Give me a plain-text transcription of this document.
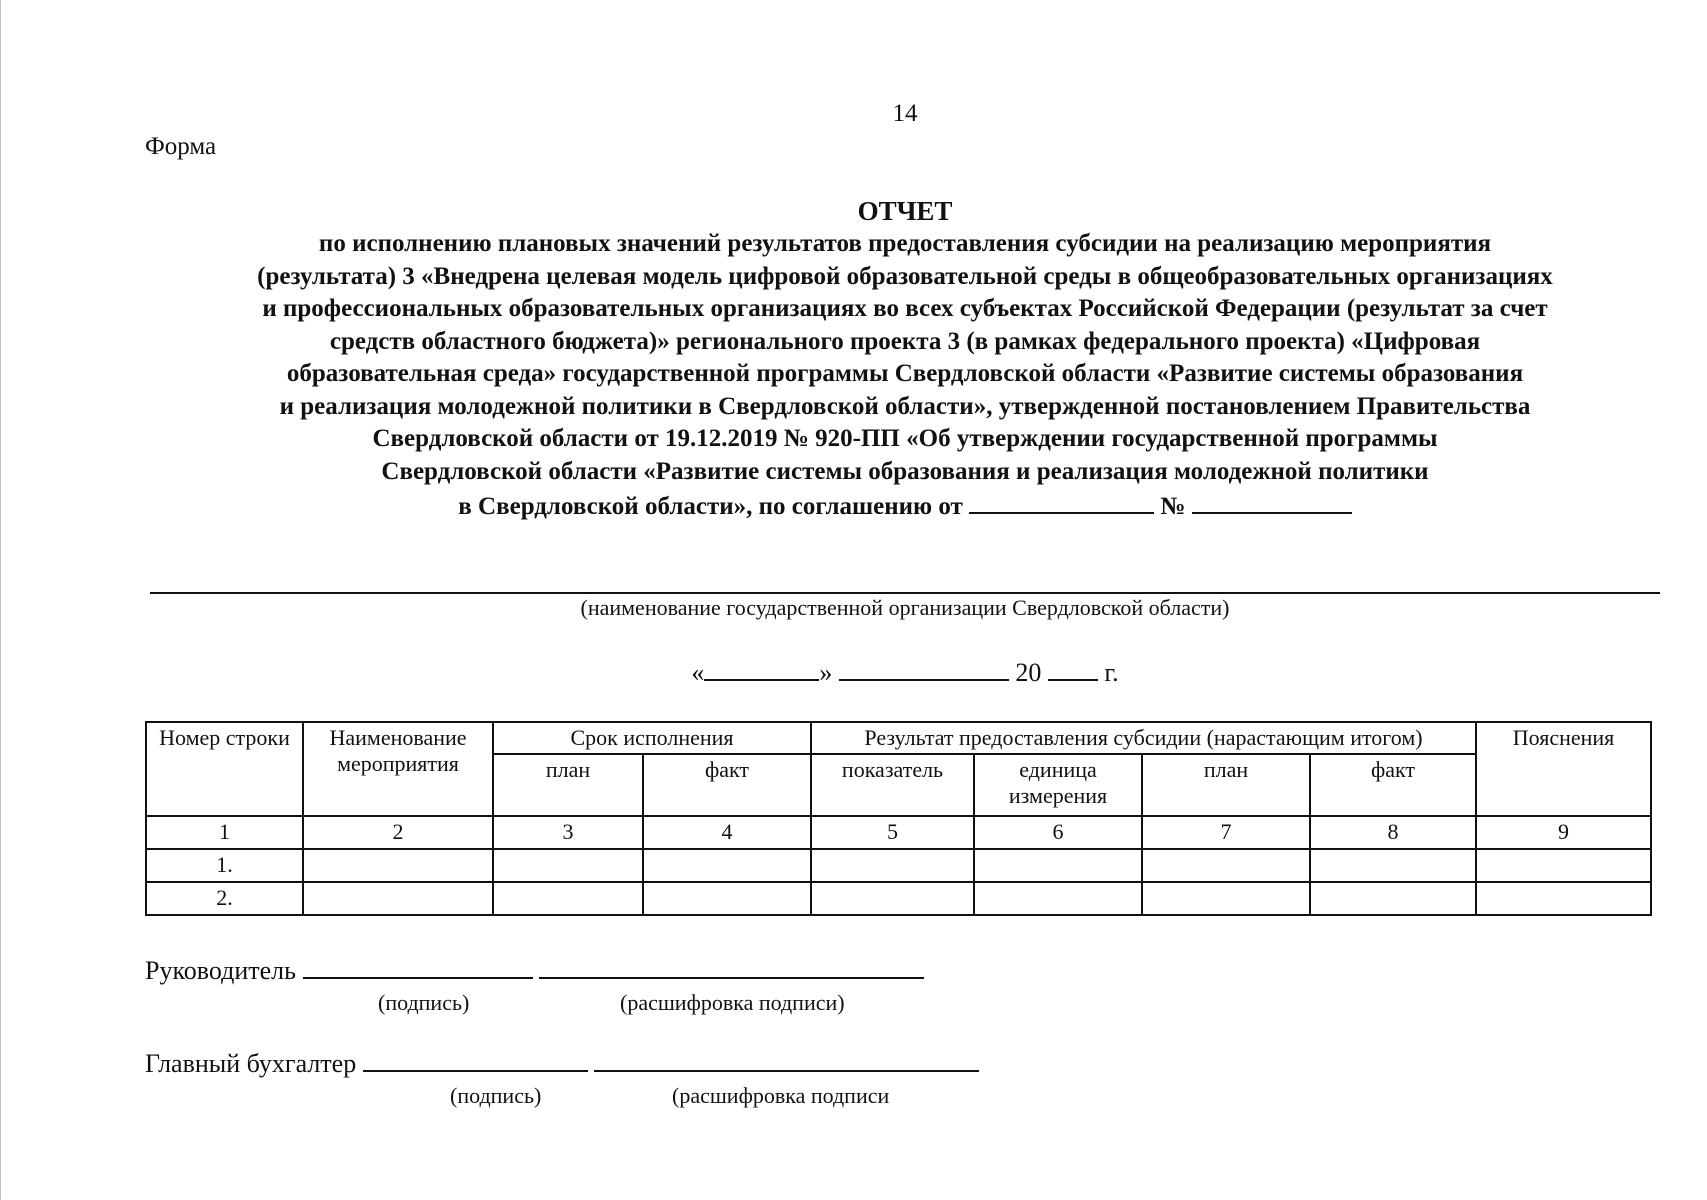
14
Форма
ОТЧЕТ
по исполнению плановых значений результатов предоставления субсидии на реализацию мероприятия
(результата) 3 «Внедрена целевая модель цифровой образовательной среды в общеобразовательных организациях
и профессиональных образовательных организациях во всех субъектах Российской Федерации (результат за счет
средств областного бюджета)» регионального проекта 3 (в рамках федерального проекта) «Цифровая
образовательная среда» государственной программы Свердловской области «Развитие системы образования
и реализация молодежной политики в Свердловской области», утвержденной постановлением Правительства
Свердловской области от 19.12.2019 № 920-ПП «Об утверждении государственной программы
Свердловской области «Развитие системы образования и реализация молодежной политики
в Свердловской области», по соглашению от	№
(наименование государственной организации Свердловской области)
«	»	20 г.
Номер строки	Наименование мероприятия	Срок исполнения		Результат предоставления субсидии (нарастающим итогом)				Пояснения
		план	факт	показатель	единица измерения	план	факт	
1	2	3	4	5	6	7	8	9
1.								
2.								
Руководитель
(подпись)	(расшифровка подписи)
Главный бухгалтер
(подпись)	(расшифровка подписи
